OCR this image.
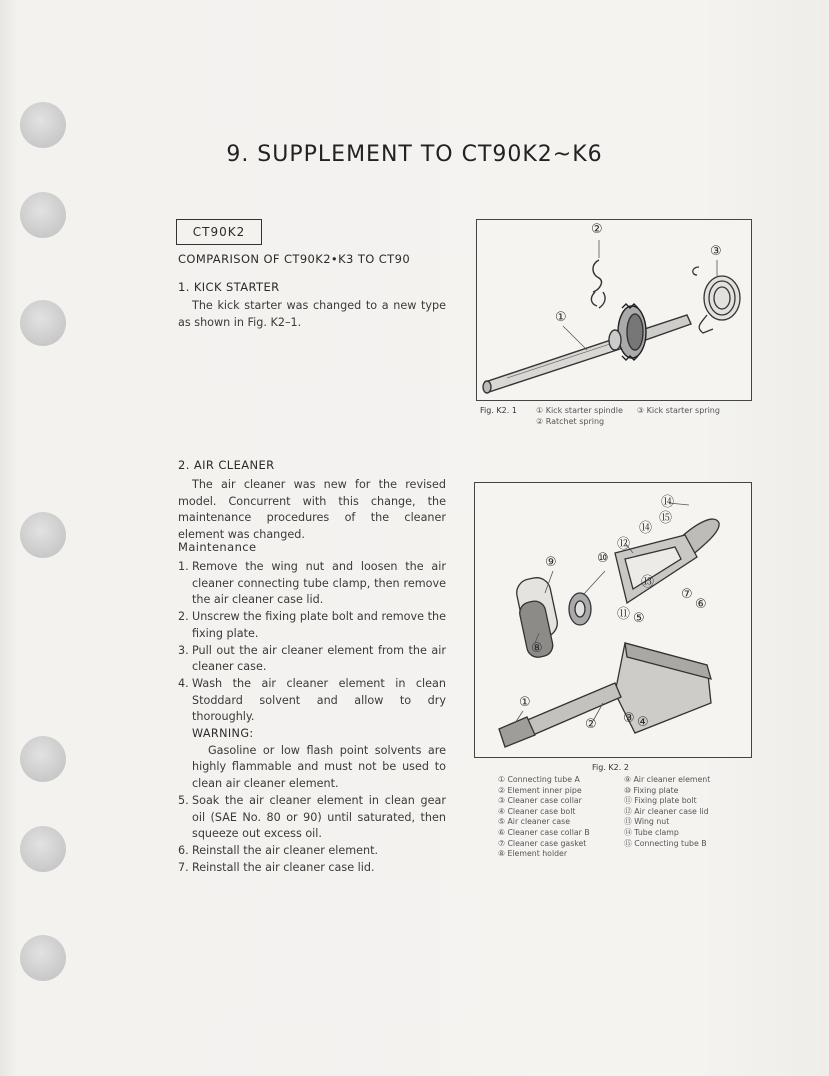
9. SUPPLEMENT TO CT90K2~K6
CT90K2
COMPARISON OF CT90K2•K3 TO CT90
1. KICK STARTER
The kick starter was changed to a new type as shown in Fig. K2–1.
2. AIR CLEANER
The air cleaner was new for the revised model. Concurrent with this change, the maintenance procedures of the cleaner element was changed.
Maintenance
1. Remove the wing nut and loosen the air cleaner connecting tube clamp, then remove the air cleaner case lid.
2. Unscrew the fixing plate bolt and remove the fixing plate.
3. Pull out the air cleaner element from the air cleaner case.
4. Wash the air cleaner element in clean Stoddard solvent and allow to dry thoroughly.
WARNING:
Gasoline or low flash point solvents are highly flammable and must not be used to clean air cleaner element.
5. Soak the air cleaner element in clean gear oil (SAE No. 80 or 90) until saturated, then squeeze out excess oil.
6. Reinstall the air cleaner element.
7. Reinstall the air cleaner case lid.
②
③
①
Fig. K2. 1 ① Kick starter spindle ③ Kick starter spring
② Ratchet spring
⑭
⑮
⑭
⑫
⑨	⑩
⑬
⑦
⑥
⑪ ⑤
⑧
①
② ③ ④
Fig. K2. 2
① Connecting tube A
② Element inner pipe
③ Cleaner case collar
④ Cleaner case bolt
⑤ Air cleaner case
⑥ Cleaner case collar B
⑦ Cleaner case gasket
⑧ Element holder
⑨ Air cleaner element
⑩ Fixing plate
⑪ Fixing plate bolt
⑫ Air cleaner case lid
⑬ Wing nut
⑭ Tube clamp
⑮ Connecting tube B
